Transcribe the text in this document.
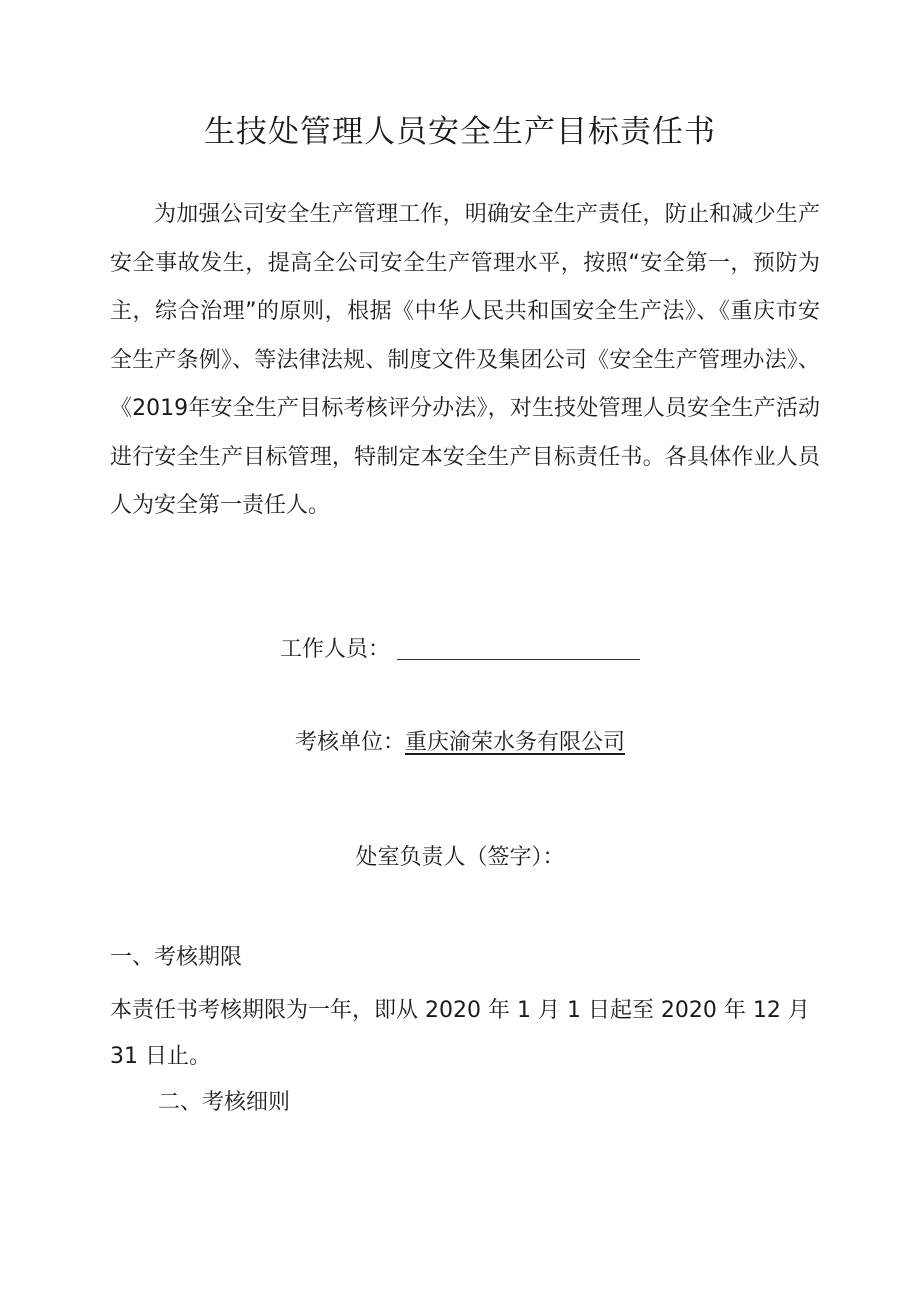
生技处管理人员安全生产目标责任书

为加强公司安全生产管理工作，明确安全生产责任，防止和减少生产安全事故发生，提高全公司安全生产管理水平，按照“安全第一，预防为主，综合治理”的原则，根据《中华人民共和国安全生产法》、《重庆市安全生产条例》、等法律法规、制度文件及集团公司《安全生产管理办法》、《2019年安全生产目标考核评分办法》，对生技处管理人员安全生产活动进行安全生产目标管理，特制定本安全生产目标责任书。各具体作业人员人为安全第一责任人。

工作人员：
考核单位：重庆渝荣水务有限公司
处室负责人（签字）：
一、考核期限

本责任书考核期限为一年，即从 2020 年 1 月 1 日起至 2020 年 12 月 31 日止。

二、考核细则
